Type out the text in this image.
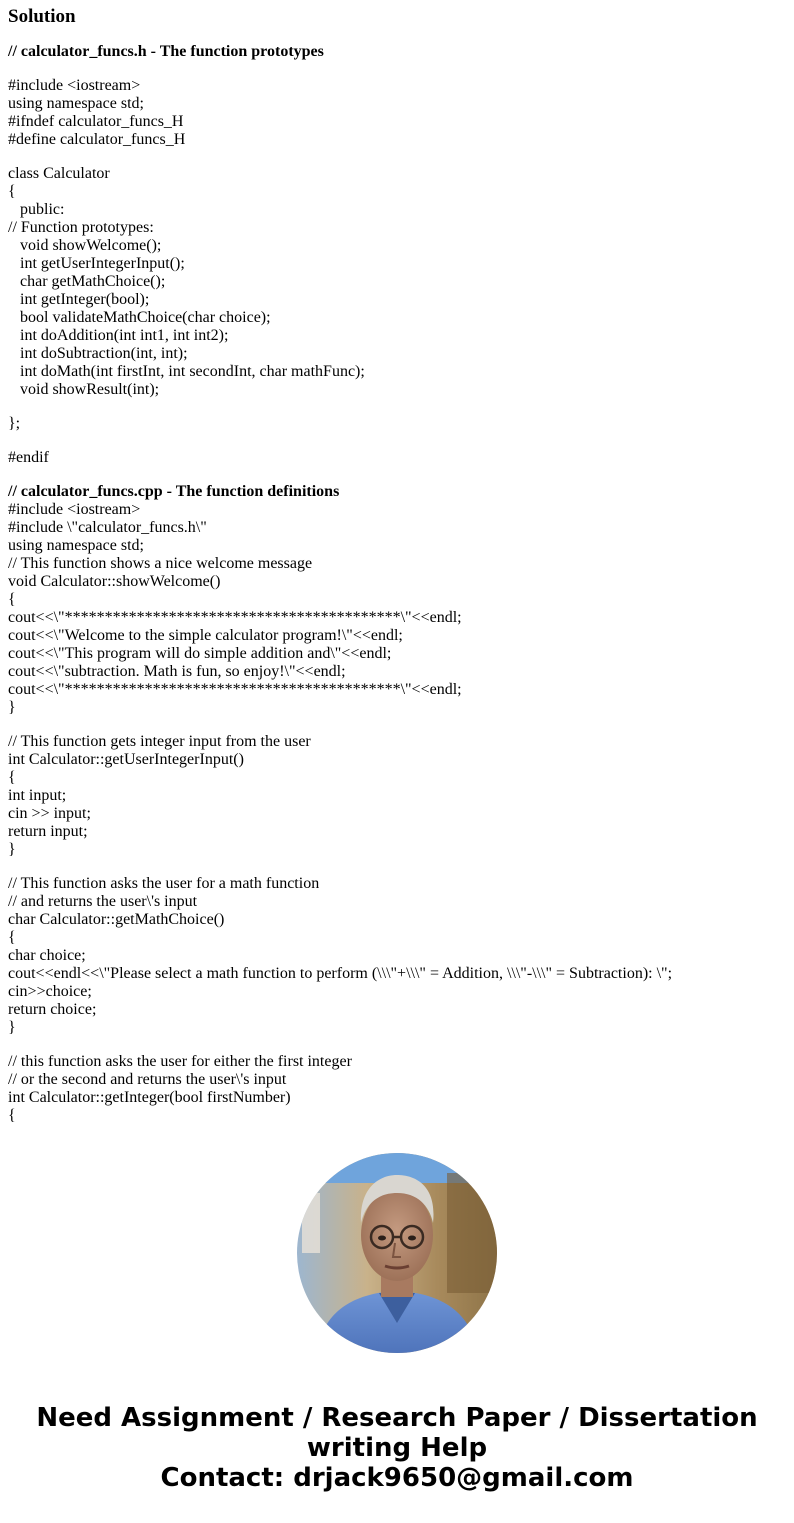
Solution
// calculator_funcs.h - The function prototypes
#include <iostream>
using namespace std;
#ifndef calculator_funcs_H
#define calculator_funcs_H
class Calculator
{
public:
// Function prototypes:
void showWelcome();
int getUserIntegerInput();
char getMathChoice();
int getInteger(bool);
bool validateMathChoice(char choice);
int doAddition(int int1, int int2);
int doSubtraction(int, int);
int doMath(int firstInt, int secondInt, char mathFunc);
void showResult(int);
};
#endif
// calculator_funcs.cpp - The function definitions
#include <iostream>
#include \"calculator_funcs.h\"
using namespace std;
// This function shows a nice welcome message
void Calculator::showWelcome()
{
cout<<\"******************************************\"<<endl;
cout<<\"Welcome to the simple calculator program!\"<<endl;
cout<<\"This program will do simple addition and\"<<endl;
cout<<\"subtraction. Math is fun, so enjoy!\"<<endl;
cout<<\"******************************************\"<<endl;
}
// This function gets integer input from the user
int Calculator::getUserIntegerInput()
{
int input;
cin >> input;
return input;
}
// This function asks the user for a math function
// and returns the user\'s input
char Calculator::getMathChoice()
{
char choice;
cout<<endl<<\"Please select a math function to perform (\\\"+\\\" = Addition, \\\"-\\\" = Subtraction): \";
cin>>choice;
return choice;
}
// this function asks the user for either the first integer
// or the second and returns the user\'s input
int Calculator::getInteger(bool firstNumber)
{
Need Assignment / Research Paper / Dissertation
writing Help
Contact: drjack9650@gmail.com
